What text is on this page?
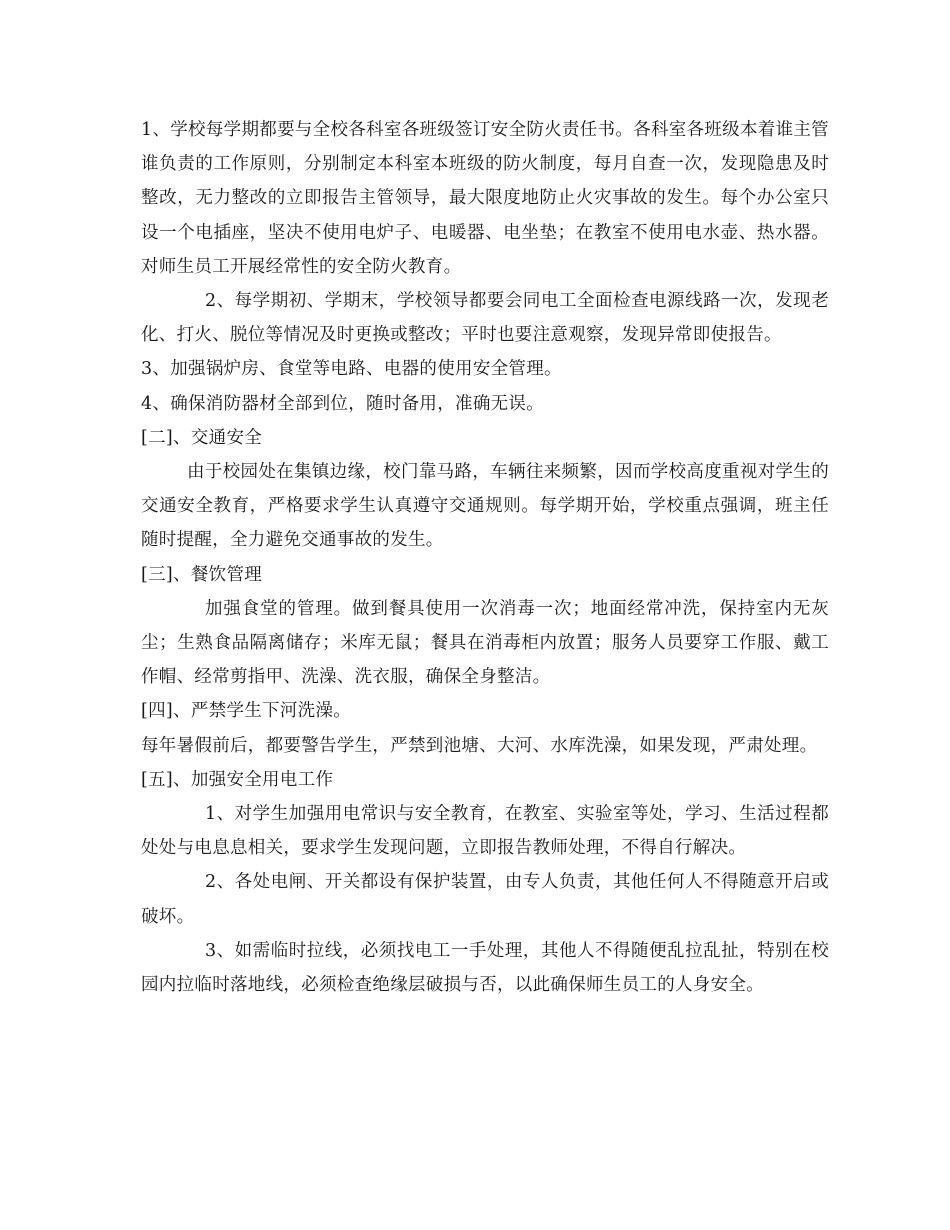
1、学校每学期都要与全校各科室各班级签订安全防火责任书。各科室各班级本着谁主管谁负责的工作原则，分别制定本科室本班级的防火制度，每月自查一次，发现隐患及时整改，无力整改的立即报告主管领导，最大限度地防止火灾事故的发生。每个办公室只设一个电插座，坚决不使用电炉子、电暖器、电坐垫；在教室不使用电水壶、热水器。对师生员工开展经常性的安全防火教育。

2、每学期初、学期末，学校领导都要会同电工全面检查电源线路一次，发现老化、打火、脱位等情况及时更换或整改；平时也要注意观察，发现异常即使报告。

3、加强锅炉房、食堂等电路、电器的使用安全管理。

4、确保消防器材全部到位，随时备用，准确无误。

[二]、交通安全

由于校园处在集镇边缘，校门靠马路，车辆往来频繁，因而学校高度重视对学生的交通安全教育，严格要求学生认真遵守交通规则。每学期开始，学校重点强调，班主任随时提醒，全力避免交通事故的发生。

[三]、餐饮管理

加强食堂的管理。做到餐具使用一次消毒一次；地面经常冲洗，保持室内无灰尘；生熟食品隔离储存；米库无鼠；餐具在消毒柜内放置；服务人员要穿工作服、戴工作帽、经常剪指甲、洗澡、洗衣服，确保全身整洁。

[四]、严禁学生下河洗澡。

每年暑假前后，都要警告学生，严禁到池塘、大河、水库洗澡，如果发现，严肃处理。

[五]、加强安全用电工作

1、对学生加强用电常识与安全教育，在教室、实验室等处，学习、生活过程都处处与电息息相关，要求学生发现问题，立即报告教师处理，不得自行解决。

2、各处电闸、开关都设有保护装置，由专人负责，其他任何人不得随意开启或破坏。

3、如需临时拉线，必须找电工一手处理，其他人不得随便乱拉乱扯，特别在校园内拉临时落地线，必须检查绝缘层破损与否，以此确保师生员工的人身安全。
